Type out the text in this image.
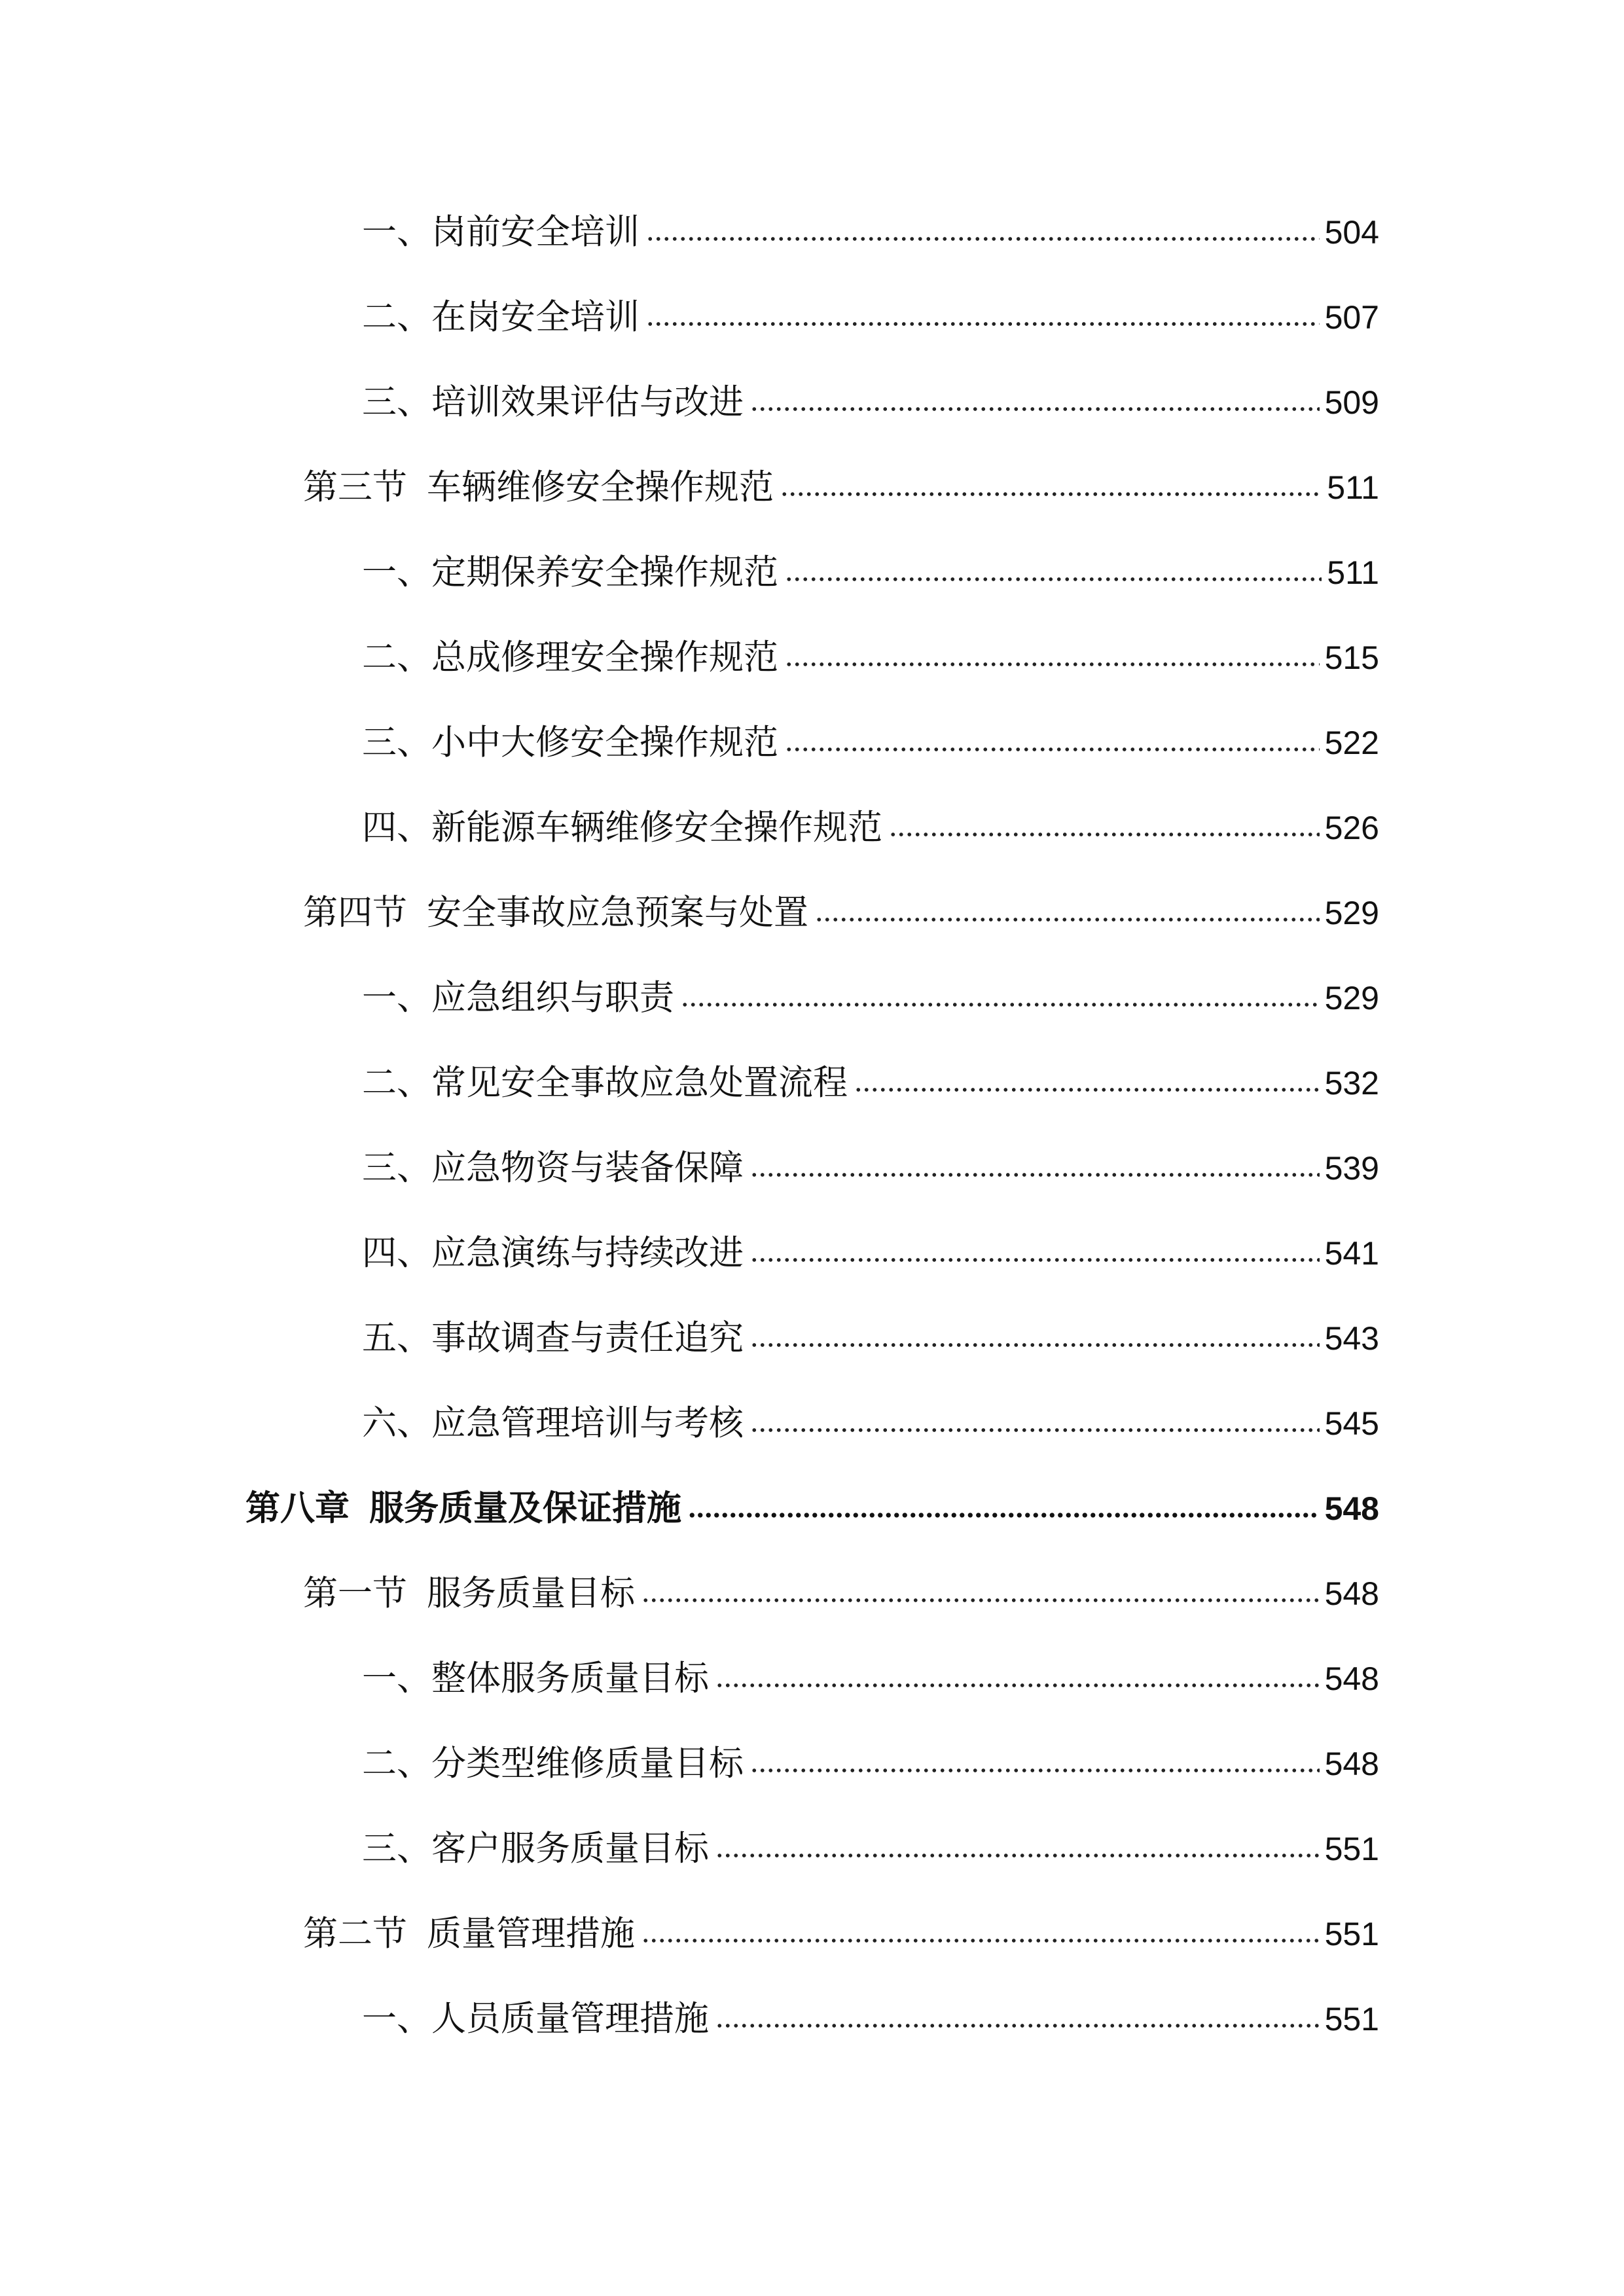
一、 岗前安全培训	504
二、 在岗安全培训	507
三、 培训效果评估与改进	509
第三节 车辆维修安全操作规范	511
一、 定期保养安全操作规范	511
二、 总成修理安全操作规范	515
三、 小中大修安全操作规范	522
四、 新能源车辆维修安全操作规范	526
第四节 安全事故应急预案与处置	529
一、 应急组织与职责	529
二、 常见安全事故应急处置流程	532
三、 应急物资与装备保障	539
四、 应急演练与持续改进	541
五、 事故调查与责任追究	543
六、 应急管理培训与考核	545
第八章 服务质量及保证措施	548
第一节 服务质量目标	548
一、 整体服务质量目标	548
二、 分类型维修质量目标	548
三、 客户服务质量目标	551
第二节 质量管理措施	551
一、 人员质量管理措施	551
